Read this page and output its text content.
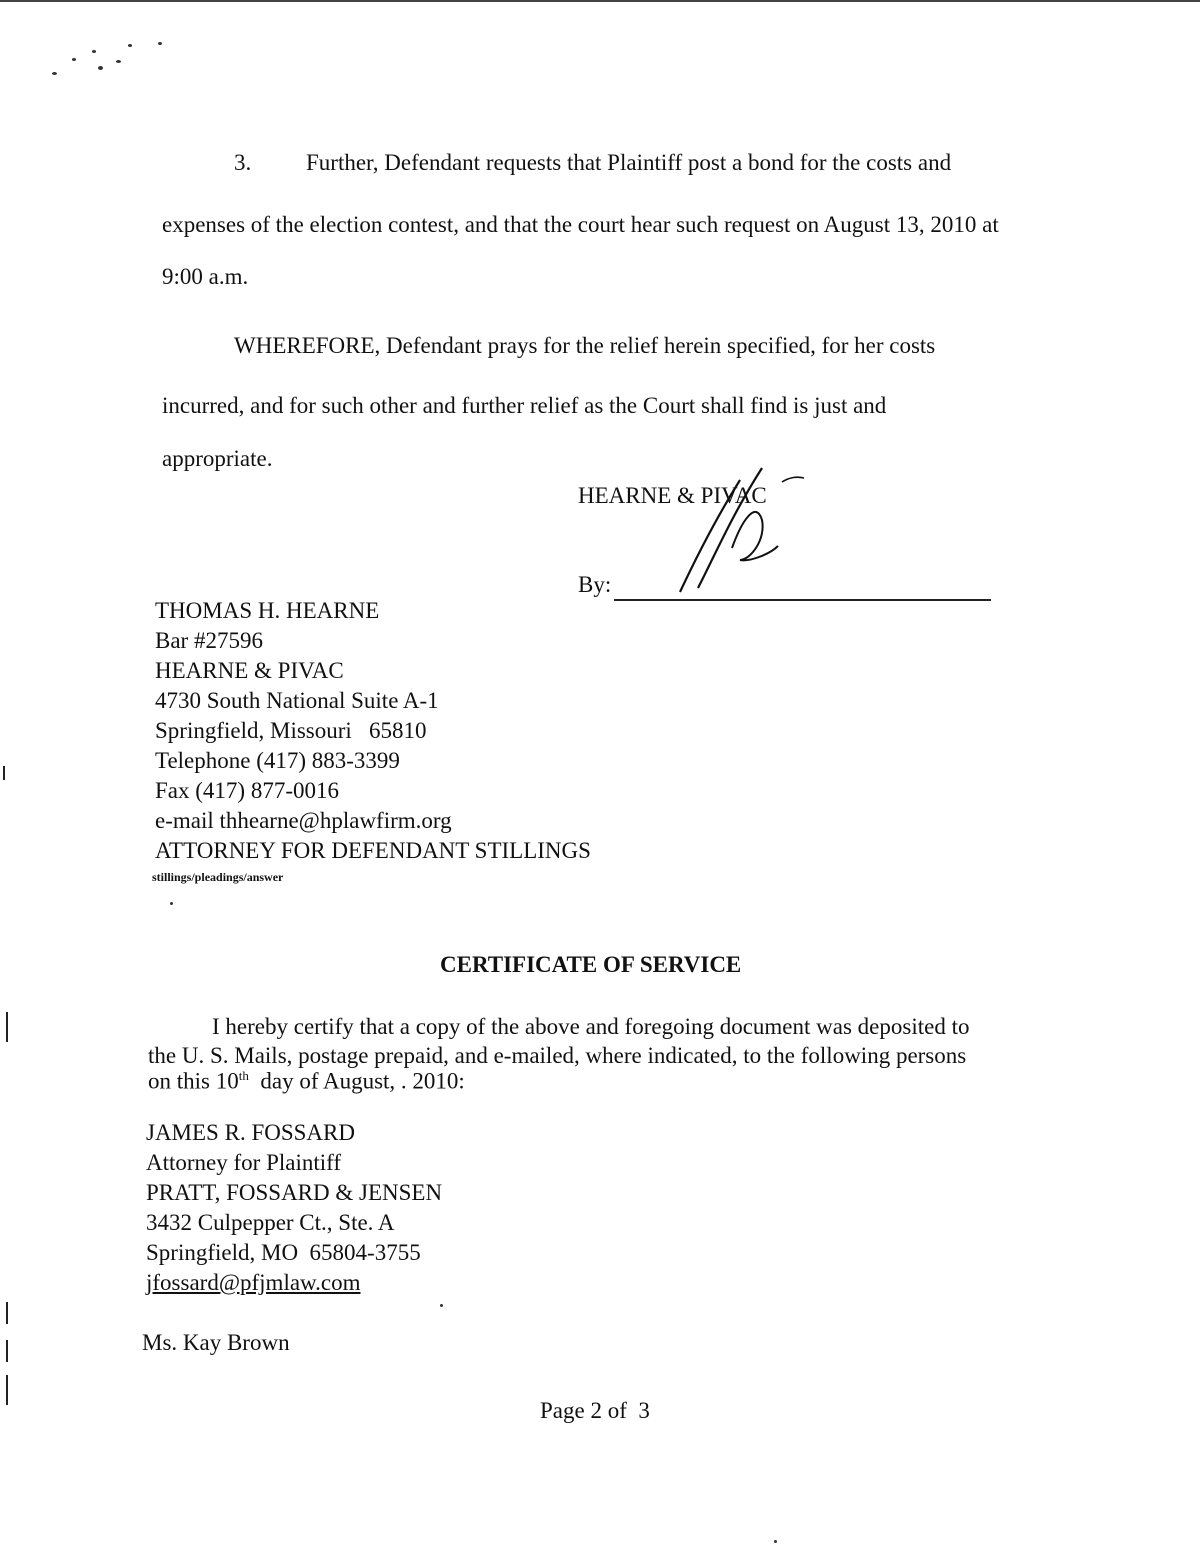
3. Further, Defendant requests that Plaintiff post a bond for the costs and
expenses of the election contest, and that the court hear such request on August 13, 2010 at
9:00 a.m.
WHEREFORE, Defendant prays for the relief herein specified, for her costs
incurred, and for such other and further relief as the Court shall find is just and
appropriate.
HEARNE & PIVAC
By:
THOMAS H. HEARNE
Bar #27596
HEARNE & PIVAC
4730 South National Suite A-1
Springfield, Missouri   65810
Telephone (417) 883-3399
Fax (417) 877-0016
e-mail thhearne@hplawfirm.org
ATTORNEY FOR DEFENDANT STILLINGS
stillings/pleadings/answer
CERTIFICATE OF SERVICE
I hereby certify that a copy of the above and foregoing document was deposited to
the U. S. Mails, postage prepaid, and e-mailed, where indicated, to the following persons
on this 10th  day of August, . 2010:
JAMES R. FOSSARD
Attorney for Plaintiff
PRATT, FOSSARD & JENSEN
3432 Culpepper Ct., Ste. A
Springfield, MO  65804-3755
jfossard@pfjmlaw.com
Ms. Kay Brown
Page 2 of  3
